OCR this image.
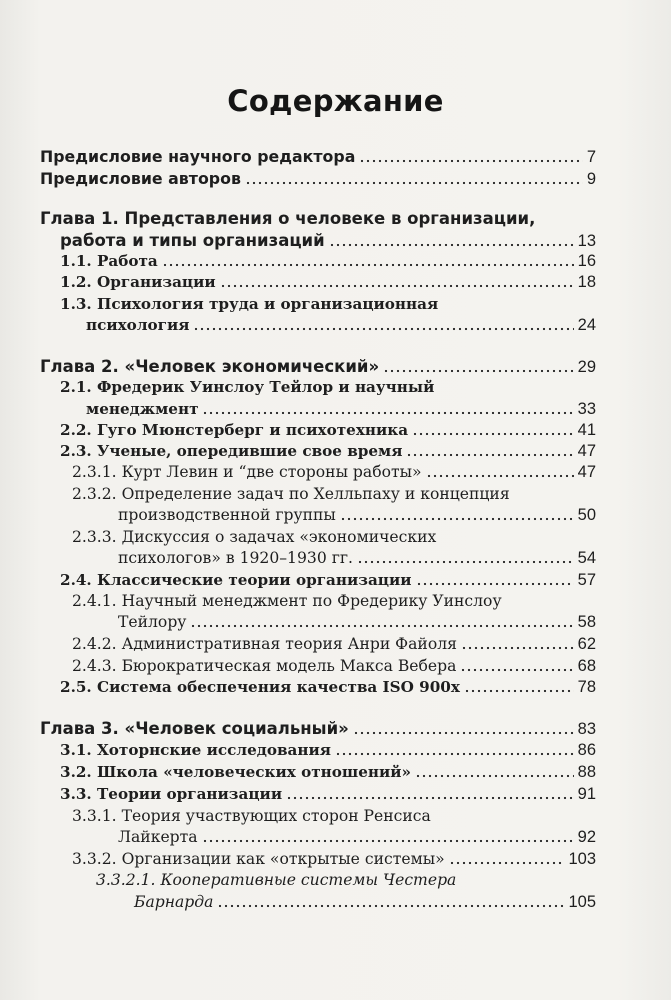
Содержание
Предисловие научного редактора	7
Предисловие авторов	9
Глава 1. Представления о человеке в организации,
работа и типы организаций	13
1.1. Работа	16
1.2. Организации	18
1.3. Психология труда и организационная
психология	24
Глава 2. «Человек экономический»	29
2.1. Фредерик Уинслоу Тейлор и научный
менеджмент	33
2.2. Гуго Мюнстерберг и психотехника	41
2.3. Ученые, опередившие свое время	47
2.3.1. Курт Левин и “две стороны работы»	47
2.3.2. Определение задач по Хелльпаху и концепция
производственной группы	50
2.3.3. Дискуссия о задачах «экономических
психологов» в 1920–1930 гг.	54
2.4. Классические теории организации	57
2.4.1. Научный менеджмент по Фредерику Уинслоу
Тейлору	58
2.4.2. Административная теория Анри Файоля	62
2.4.3. Бюрократическая модель Макса Вебера	68
2.5. Система обеспечения качества ISO 900x	78
Глава 3. «Человек социальный»	83
3.1. Хоторнские исследования	86
3.2. Школа «человеческих отношений»	88
3.3. Теории организации	91
3.3.1. Теория участвующих сторон Ренсиса
Лайкерта	92
3.3.2. Организации как «открытые системы»	103
3.3.2.1. Кооперативные системы Честера
Барнарда	105
